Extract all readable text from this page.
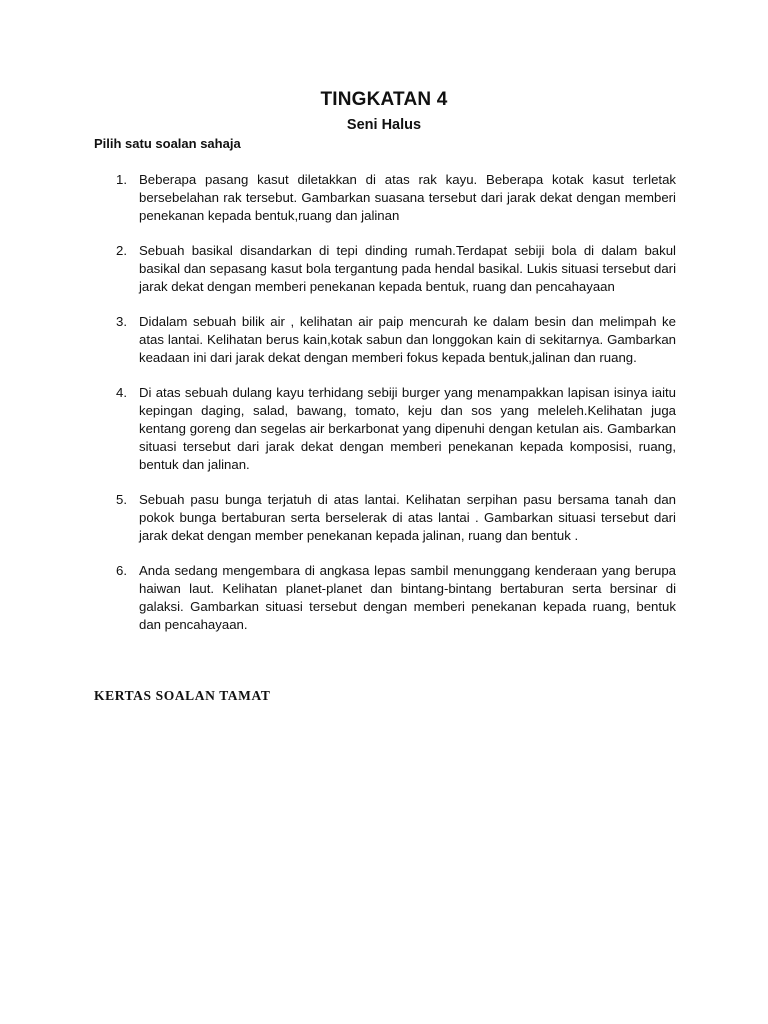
TINGKATAN 4
Seni Halus
Pilih satu soalan sahaja
1. Beberapa pasang kasut diletakkan di atas rak kayu. Beberapa kotak kasut terletak bersebelahan rak tersebut. Gambarkan suasana tersebut dari jarak dekat dengan memberi penekanan kepada bentuk,ruang dan jalinan
2. Sebuah basikal disandarkan di tepi dinding rumah.Terdapat sebiji bola di dalam bakul basikal dan sepasang kasut bola tergantung pada hendal basikal. Lukis situasi tersebut dari jarak dekat dengan memberi penekanan kepada bentuk, ruang dan pencahayaan
3. Didalam sebuah bilik air , kelihatan air paip mencurah ke dalam besin dan melimpah ke atas lantai. Kelihatan berus kain,kotak sabun dan longgokan kain di sekitarnya. Gambarkan keadaan ini dari jarak dekat dengan memberi fokus kepada bentuk,jalinan dan ruang.
4. Di atas sebuah dulang kayu terhidang sebiji burger yang menampakkan lapisan isinya iaitu kepingan daging, salad, bawang, tomato, keju dan sos yang meleleh.Kelihatan juga kentang goreng dan segelas air berkarbonat yang dipenuhi dengan ketulan ais. Gambarkan situasi tersebut dari jarak dekat dengan memberi penekanan kepada komposisi, ruang, bentuk dan jalinan.
5. Sebuah pasu bunga terjatuh di atas lantai. Kelihatan serpihan pasu bersama tanah dan pokok bunga bertaburan serta berselerak di atas lantai . Gambarkan situasi tersebut dari jarak dekat dengan member penekanan kepada jalinan, ruang dan bentuk .
6. Anda sedang mengembara di angkasa lepas sambil menunggang kenderaan yang berupa haiwan laut. Kelihatan planet-planet dan bintang-bintang bertaburan serta bersinar di galaksi. Gambarkan situasi tersebut dengan memberi penekanan kepada ruang, bentuk dan pencahayaan.
KERTAS SOALAN TAMAT
